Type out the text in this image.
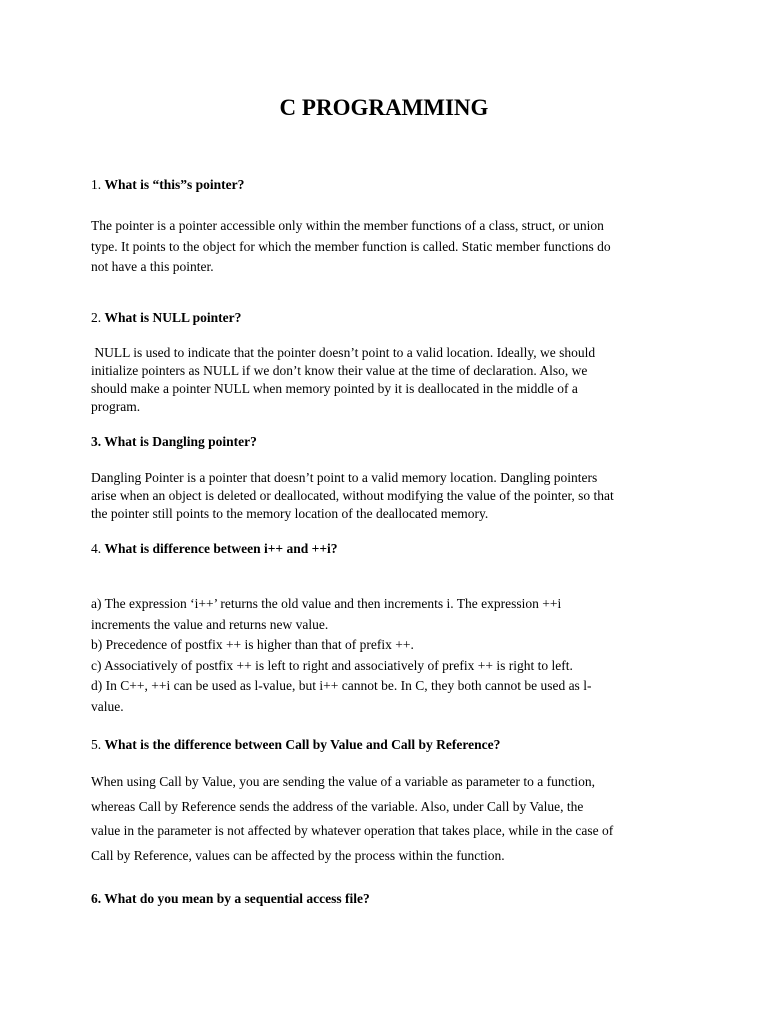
C PROGRAMMING

1. What is “this”s pointer?

The pointer is a pointer accessible only within the member functions of a class, struct, or union
type. It points to the object for which the member function is called. Static member functions do
not have a this pointer.

2. What is NULL pointer?

NULL is used to indicate that the pointer doesn’t point to a valid location. Ideally, we should
initialize pointers as NULL if we don’t know their value at the time of declaration. Also, we
should make a pointer NULL when memory pointed by it is deallocated in the middle of a
program.

3. What is Dangling pointer?

Dangling Pointer is a pointer that doesn’t point to a valid memory location. Dangling pointers
arise when an object is deleted or deallocated, without modifying the value of the pointer, so that
the pointer still points to the memory location of the deallocated memory.

4. What is difference between i++ and ++i?

a) The expression ‘i++’ returns the old value and then increments i. The expression ++i
increments the value and returns new value.
b) Precedence of postfix ++ is higher than that of prefix ++.
c) Associatively of postfix ++ is left to right and associatively of prefix ++ is right to left.
d) In C++, ++i can be used as l-value, but i++ cannot be. In C, they both cannot be used as l-
value.

5. What is the difference between Call by Value and Call by Reference?

When using Call by Value, you are sending the value of a variable as parameter to a function,
whereas Call by Reference sends the address of the variable. Also, under Call by Value, the
value in the parameter is not affected by whatever operation that takes place, while in the case of
Call by Reference, values can be affected by the process within the function.

6. What do you mean by a sequential access file?
